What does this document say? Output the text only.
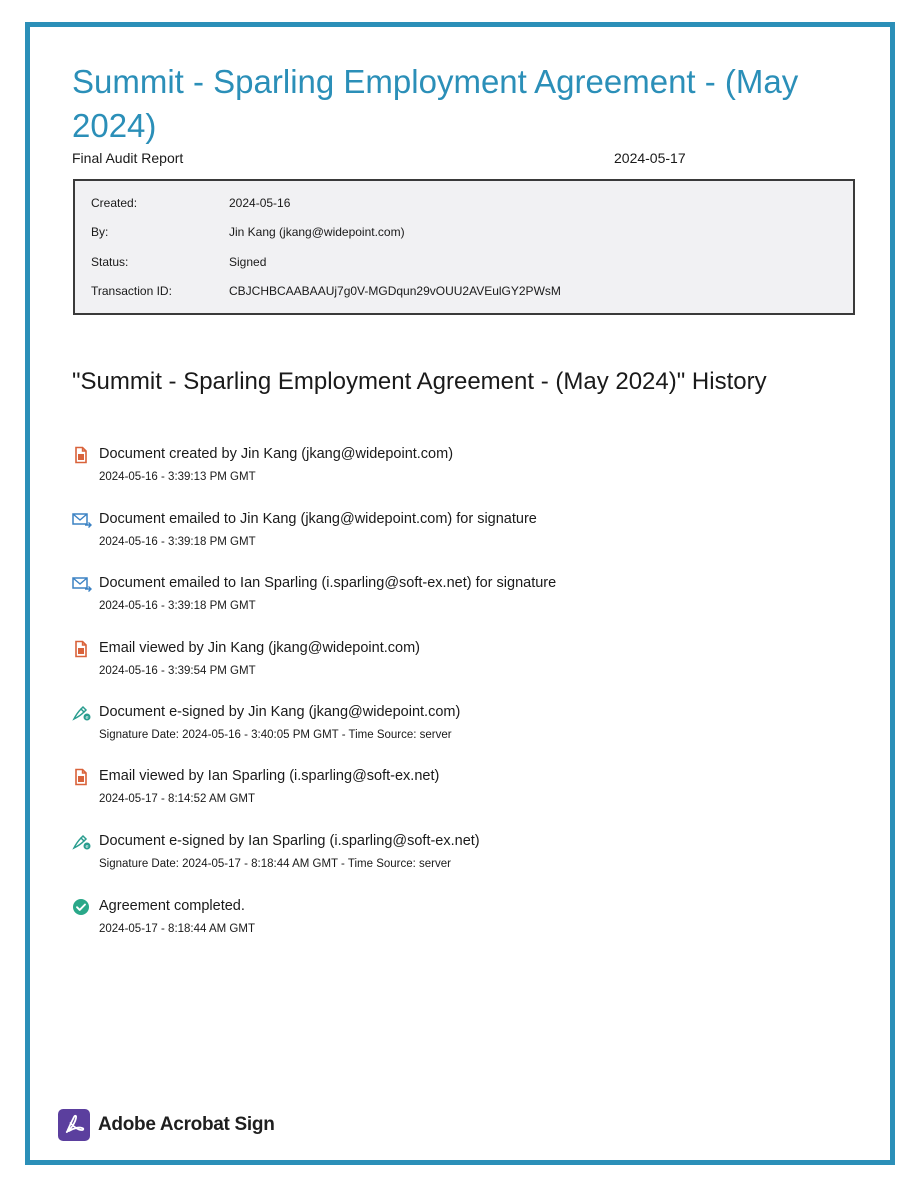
Summit - Sparling Employment Agreement - (May 2024)
Final Audit Report	2024-05-17
Created:	2024-05-16
By:	Jin Kang (jkang@widepoint.com)
Status:	Signed
Transaction ID:	CBJCHBCAABAAUj7g0V-MGDqun29vOUU2AVEulGY2PWsM
"Summit - Sparling Employment Agreement - (May 2024)" History
Document created by Jin Kang (jkang@widepoint.com)
2024-05-16 - 3:39:13 PM GMT
Document emailed to Jin Kang (jkang@widepoint.com) for signature
2024-05-16 - 3:39:18 PM GMT
Document emailed to Ian Sparling (i.sparling@soft-ex.net) for signature
2024-05-16 - 3:39:18 PM GMT
Email viewed by Jin Kang (jkang@widepoint.com)
2024-05-16 - 3:39:54 PM GMT
e Document e-signed by Jin Kang (jkang@widepoint.com)
Signature Date: 2024-05-16 - 3:40:05 PM GMT - Time Source: server
Email viewed by Ian Sparling (i.sparling@soft-ex.net)
2024-05-17 - 8:14:52 AM GMT
e Document e-signed by Ian Sparling (i.sparling@soft-ex.net)
Signature Date: 2024-05-17 - 8:18:44 AM GMT - Time Source: server
Agreement completed.
2024-05-17 - 8:18:44 AM GMT
Adobe Acrobat Sign
